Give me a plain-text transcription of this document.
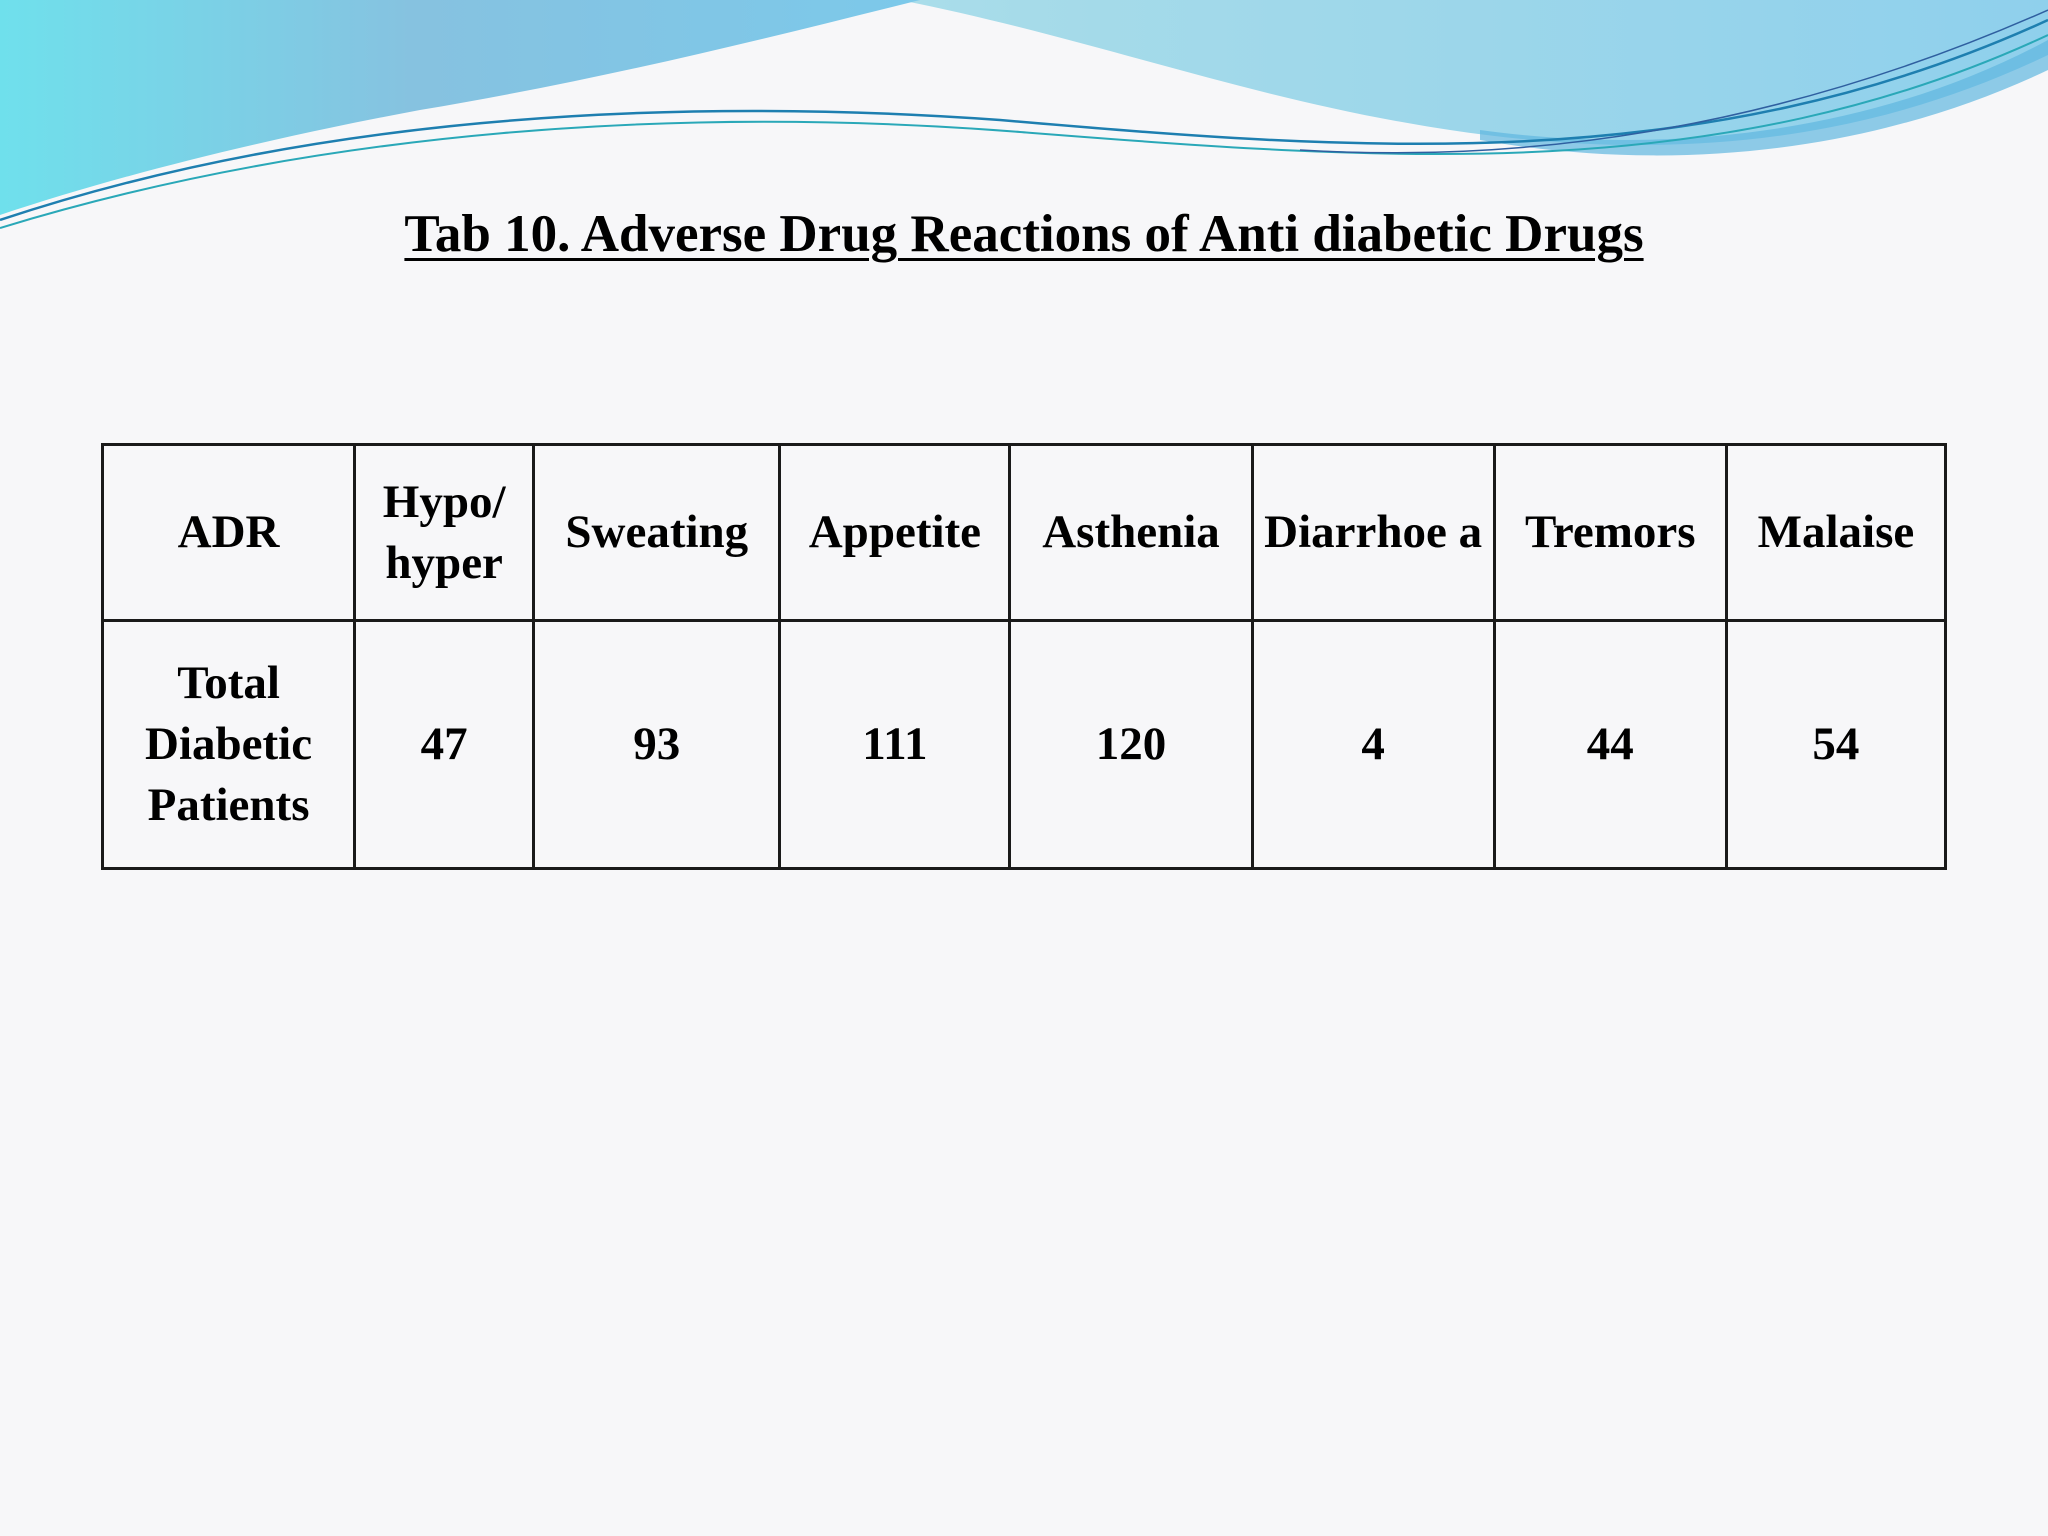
Tab 10. Adverse Drug Reactions of Anti diabetic Drugs
ADR	Hypo/ hyper	Sweating	Appetite	Asthenia	Diarrhoe a	Tremors	Malaise
Total Diabetic Patients	47	93	111	120	4	44	54
